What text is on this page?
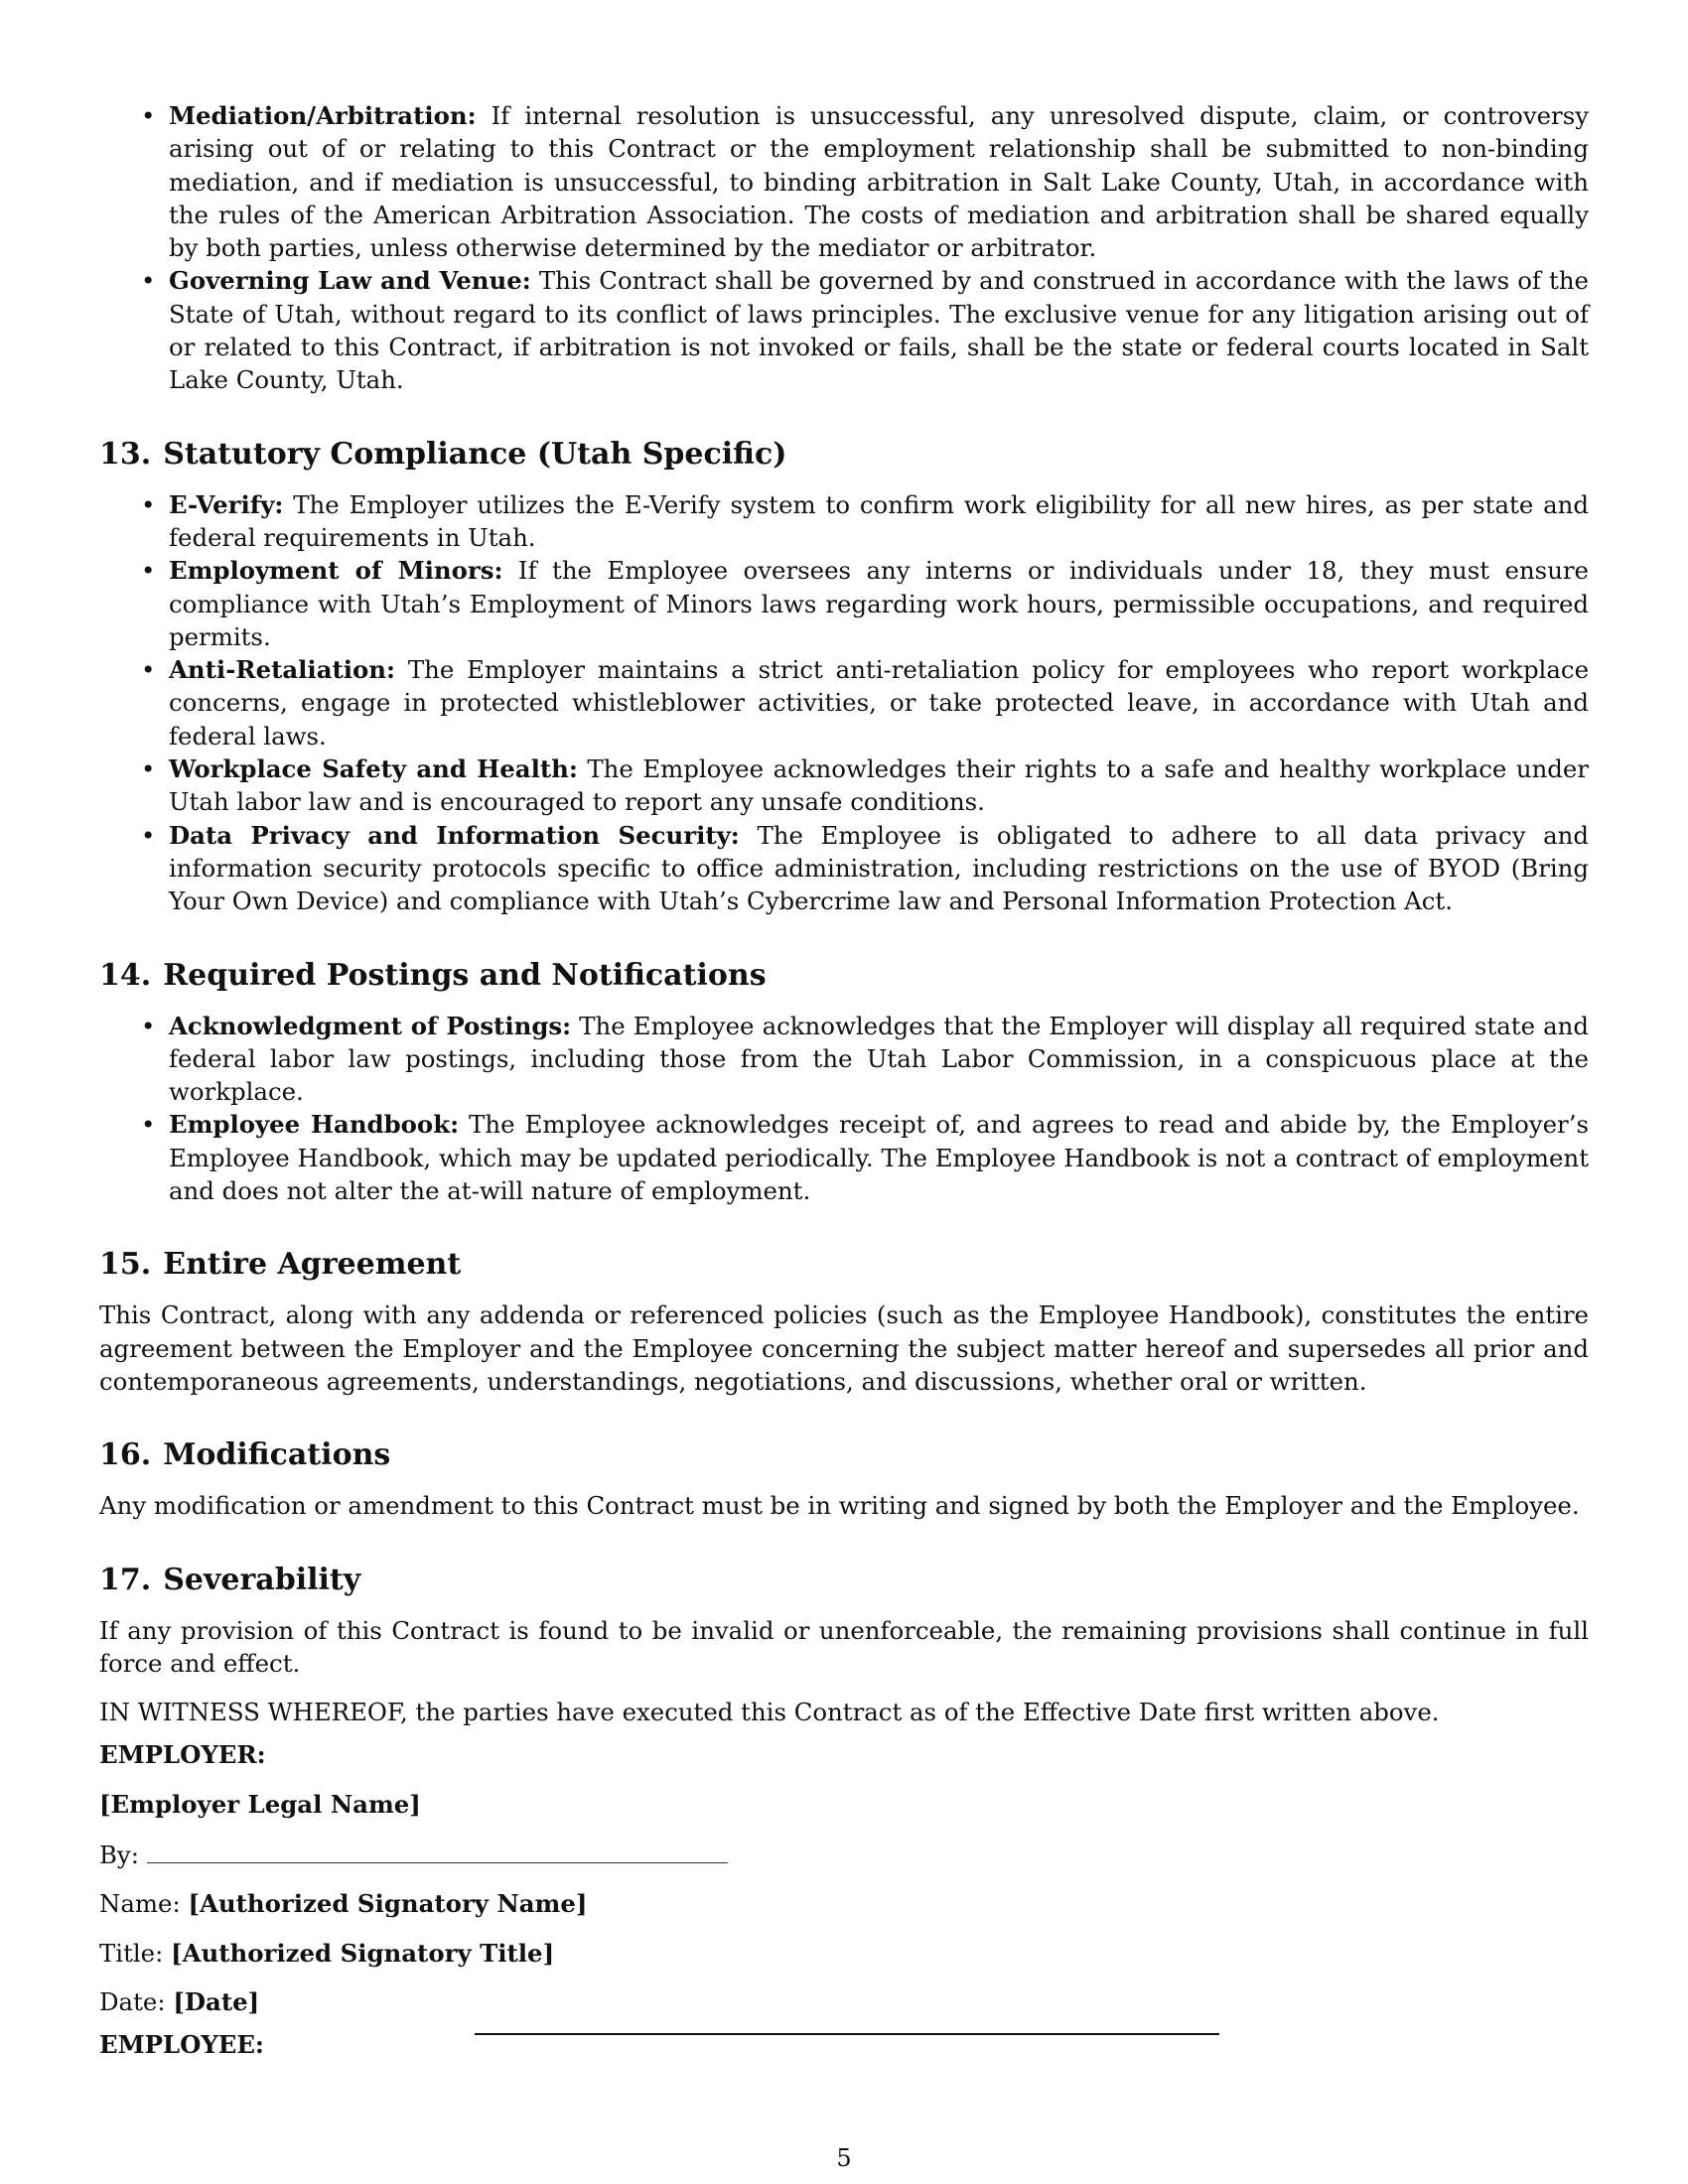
• Mediation/Arbitration: If internal resolution is unsuccessful, any unresolved dispute, claim, or controversy arising out of or relating to this Contract or the employment relationship shall be submitted to non-binding mediation, and if mediation is unsuccessful, to binding arbitration in Salt Lake County, Utah, in accordance with the rules of the American Arbitration Association. The costs of mediation and arbitration shall be shared equally by both parties, unless otherwise determined by the mediator or arbitrator.
• Governing Law and Venue: This Contract shall be governed by and construed in accordance with the laws of the State of Utah, without regard to its conflict of laws principles. The exclusive venue for any litigation arising out of or related to this Contract, if arbitration is not invoked or fails, shall be the state or federal courts located in Salt Lake County, Utah.
13. Statutory Compliance (Utah Specific)
• E-Verify: The Employer utilizes the E-Verify system to confirm work eligibility for all new hires, as per state and federal requirements in Utah.
• Employment of Minors: If the Employee oversees any interns or individuals under 18, they must ensure compliance with Utah’s Employment of Minors laws regarding work hours, permissible occupations, and required permits.
• Anti-Retaliation: The Employer maintains a strict anti-retaliation policy for employees who report workplace concerns, engage in protected whistleblower activities, or take protected leave, in accordance with Utah and federal laws.
• Workplace Safety and Health: The Employee acknowledges their rights to a safe and healthy workplace under Utah labor law and is encouraged to report any unsafe conditions.
• Data Privacy and Information Security: The Employee is obligated to adhere to all data privacy and information security protocols specific to office administration, including restrictions on the use of BYOD (Bring Your Own Device) and compliance with Utah’s Cybercrime law and Personal Information Protection Act.
14. Required Postings and Notifications
• Acknowledgment of Postings: The Employee acknowledges that the Employer will display all required state and federal labor law postings, including those from the Utah Labor Commission, in a conspicuous place at the workplace.
• Employee Handbook: The Employee acknowledges receipt of, and agrees to read and abide by, the Employer’s Employee Handbook, which may be updated periodically. The Employee Handbook is not a contract of employment and does not alter the at-will nature of employment.
15. Entire Agreement

This Contract, along with any addenda or referenced policies (such as the Employee Handbook), constitutes the entire agreement between the Employer and the Employee concerning the subject matter hereof and supersedes all prior and contemporaneous agreements, understandings, negotiations, and discussions, whether oral or written.

16. Modifications

Any modification or amendment to this Contract must be in writing and signed by both the Employer and the Employee.

17. Severability

If any provision of this Contract is found to be invalid or unenforceable, the remaining provisions shall continue in full force and effect.

IN WITNESS WHEREOF, the parties have executed this Contract as of the Effective Date first written above.

EMPLOYER:

[Employer Legal Name]

By:

Name: [Authorized Signatory Name]

Title: [Authorized Signatory Title]

Date: [Date]

EMPLOYEE:

5
